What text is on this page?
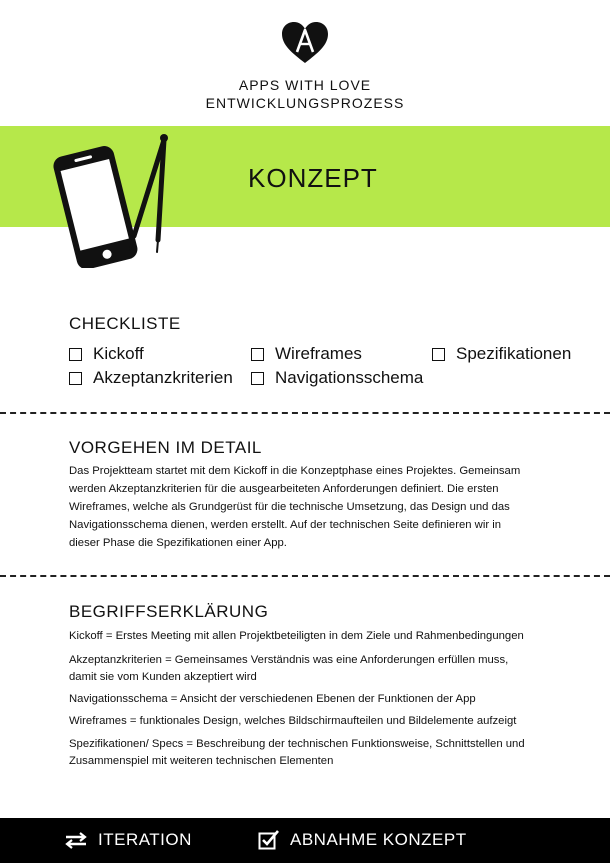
APPS WITH LOVE
ENTWICKLUNGSPROZESS
KONZEPT
CHECKLISTE
Kickoff	Wireframes	Spezifikationen
Akzeptanzkriterien Navigationsschema
VORGEHEN IM DETAIL
Das Projektteam startet mit dem Kickoff in die Konzeptphase eines Projektes. Gemeinsam
werden Akzeptanzkriterien für die ausgearbeiteten Anforderungen definiert. Die ersten
Wireframes, welche als Grundgerüst für die technische Umsetzung, das Design und das
Navigationsschema dienen, werden erstellt. Auf der technischen Seite definieren wir in
dieser Phase die Spezifikationen einer App.
BEGRIFFSERKLÄRUNG
Kickoff = Erstes Meeting mit allen Projektbeteiligten in dem Ziele und Rahmenbedingungen
Akzeptanzkriterien = Gemeinsames Verständnis was eine Anforderungen erfüllen muss,
damit sie vom Kunden akzeptiert wird
Navigationsschema = Ansicht der verschiedenen Ebenen der Funktionen der App
Wireframes = funktionales Design, welches Bildschirmaufteilen und Bildelemente aufzeigt
Spezifikationen/ Specs = Beschreibung der technischen Funktionsweise, Schnittstellen und
Zusammenspiel mit weiteren technischen Elementen
ITERATION	ABNAHME KONZEPT
